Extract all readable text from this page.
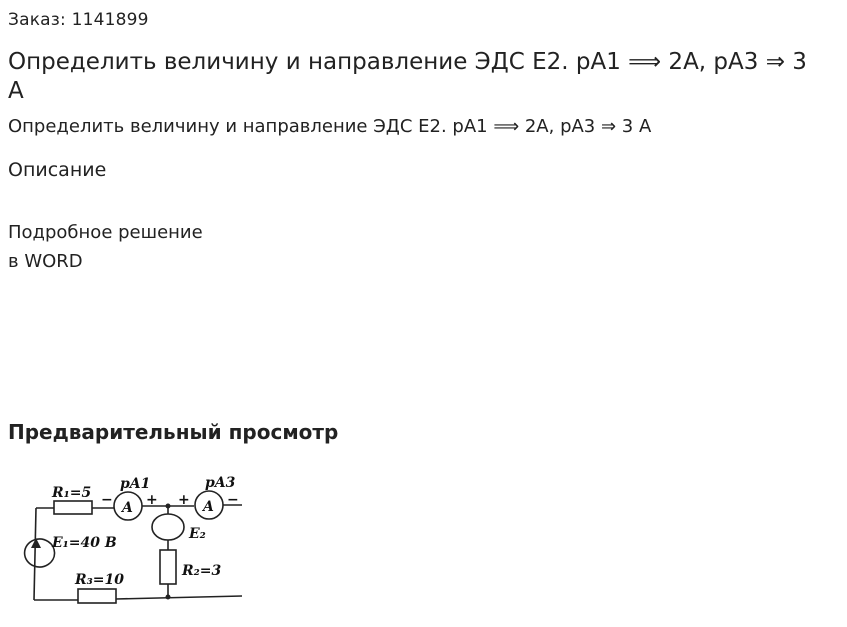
Заказ: 1141899
Определить величину и направление ЭДС Е2. pA1 ⟹ 2A, pA3 ⇒ 3 A
Определить величину и направление ЭДС Е2. pA1 ⟹ 2A, pA3 ⇒ 3 A
Описание
Подробное решение
в WORD
Предварительный просмотр
R₁=5
pA1	pA3
A	A
− + +	−
E₁=40 B
E₂
R₂=3
R₃=10
